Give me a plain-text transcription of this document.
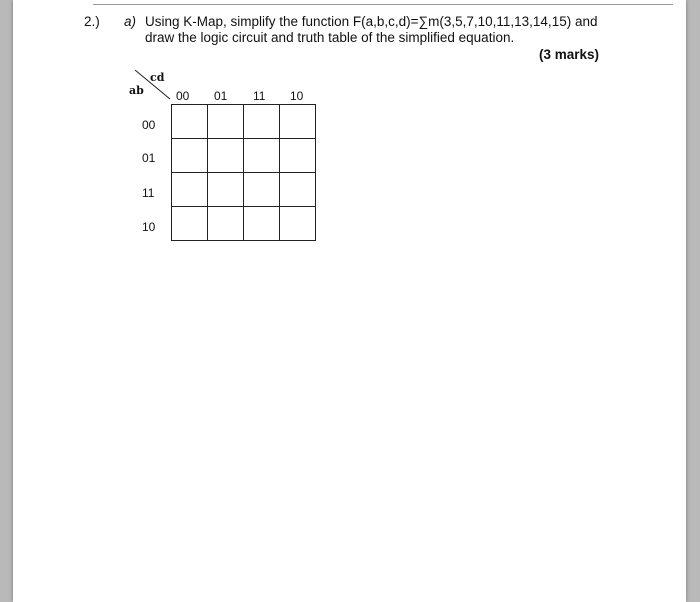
2.) a) Using K-Map, simplify the function F(a,b,c,d)=∑m(3,5,7,10,11,13,14,15) and
draw the logic circuit and truth table of the simplified equation.
(3 marks)
cd
ab	00 01 11 10
00
01
11
10
